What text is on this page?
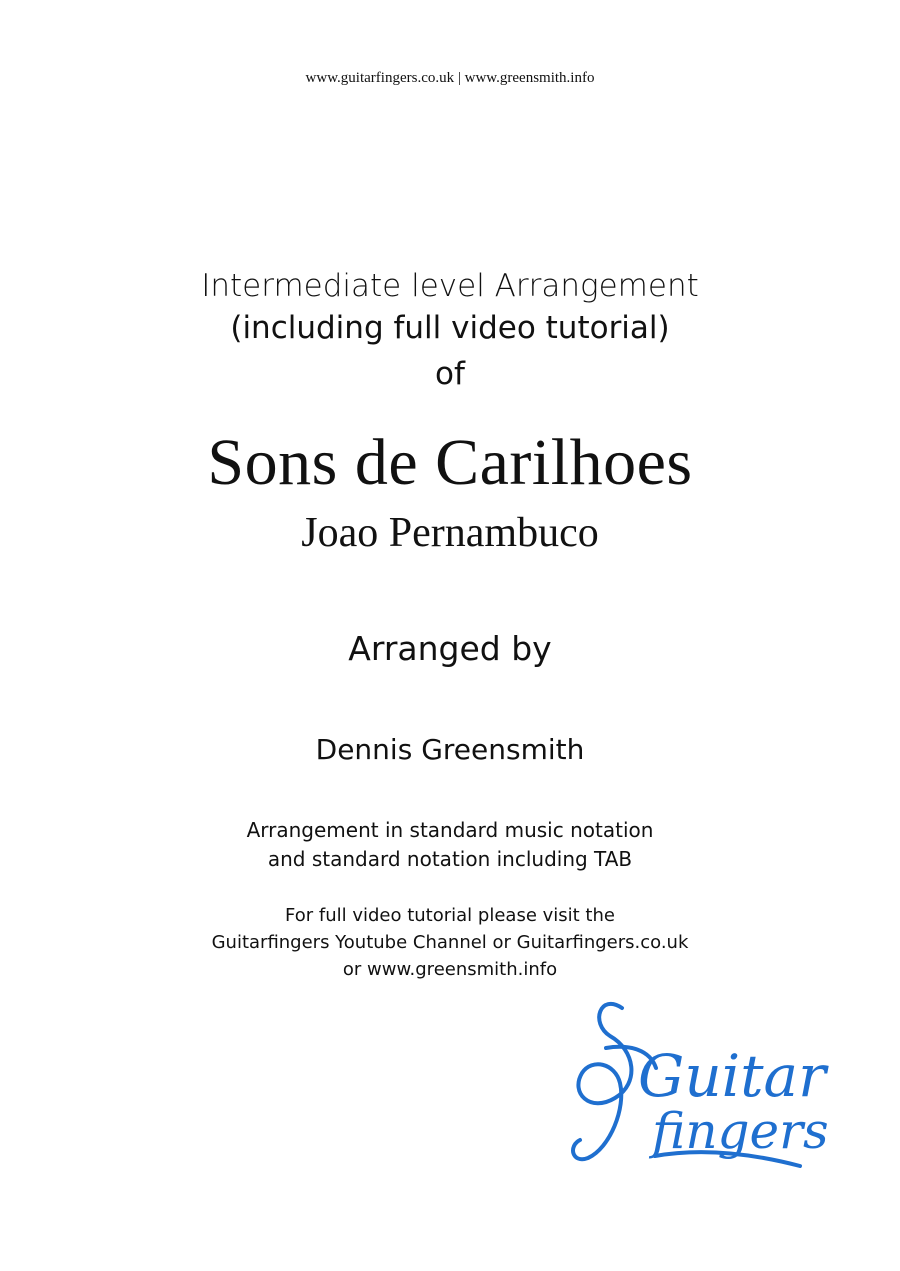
www.guitarfingers.co.uk | www.greensmith.info

Intermediate level Arrangement

(including full video tutorial)

of

Sons de Carilhoes
Joao Pernambuco

Arranged by

Dennis Greensmith

Arrangement in standard music notation

and standard notation including TAB

For full video tutorial please visit the

Guitarfingers Youtube Channel or Guitarfingers.co.uk

or www.greensmith.info

Guitar
fingers
